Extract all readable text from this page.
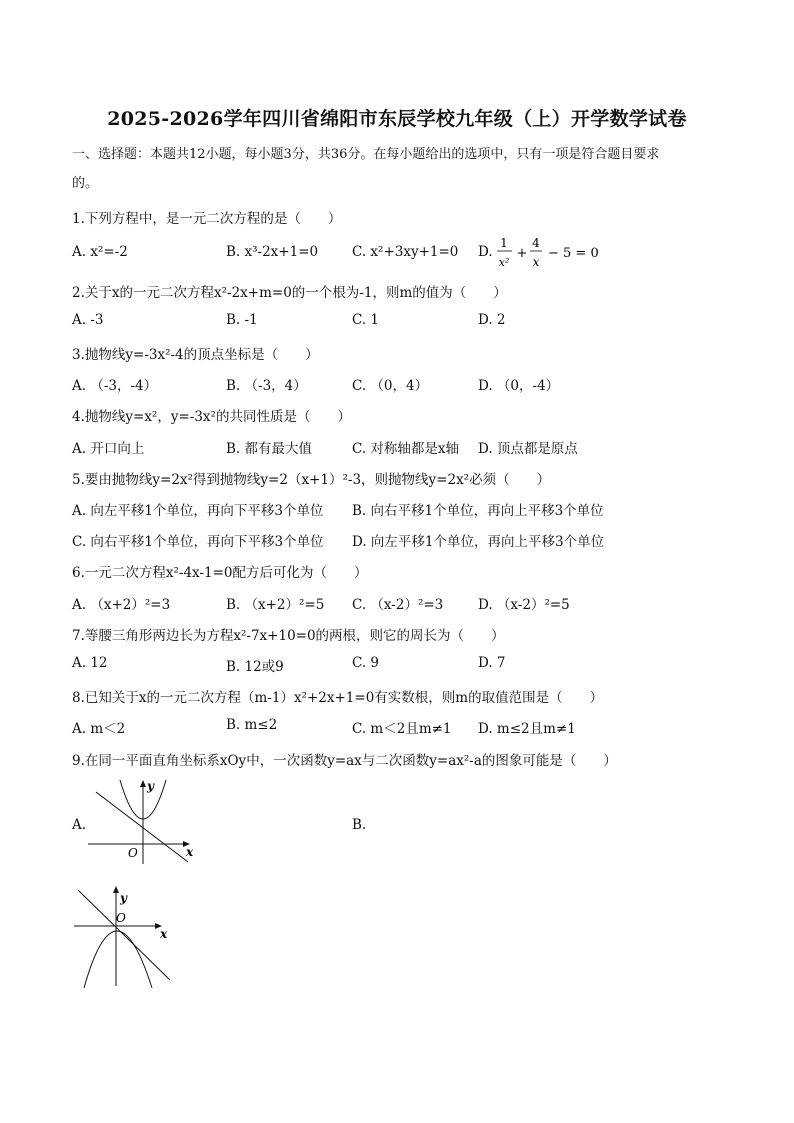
2025-2026学年四川省绵阳市东辰学校九年级（上）开学数学试卷
一、选择题：本题共12小题，每小题3分，共36分。在每小题给出的选项中，只有一项是符合题目要求
的。
1.下列方程中，是一元二次方程的是（　　）
A. x²=-2	B. x³-2x+1=0	C. x²+3xy+1=0 D.
1
x²
+
4
x
− 5 = 0
2.关于x的一元二次方程x²-2x+m=0的一个根为-1，则m的值为（　　）
A. -3	B. -1	C. 1	D. 2
3.抛物线y=-3x²-4的顶点坐标是（　　）
A. （-3，-4）	B. （-3，4）	C. （0，4）	D. （0，-4）
4.抛物线y=x²，y=-3x²的共同性质是（　　）
A. 开口向上	B. 都有最大值	C. 对称轴都是x轴 D. 顶点都是原点
5.要由抛物线y=2x²得到抛物线y=2（x+1）²-3，则抛物线y=2x²必须（　　）
A. 向左平移1个单位，再向下平移3个单位 B. 向右平移1个单位，再向上平移3个单位
C. 向右平移1个单位，再向下平移3个单位 D. 向左平移1个单位，再向上平移3个单位
6.一元二次方程x²-4x-1=0配方后可化为（　　）
A. （x+2）²=3	B. （x+2）²=5 C. （x-2）²=3	D. （x-2）²=5
7.等腰三角形两边长为方程x²-7x+10=0的两根，则它的周长为（　　）
A. 12	B. 12或9	C. 9	D. 7
8.已知关于x的一元二次方程（m-1）x²+2x+1=0有实数根，则m的取值范围是（　　）
A. m＜2	B. m≤2	C. m＜2且m≠1 D. m≤2且m≠1
9.在同一平面直角坐标系xOy中，一次函数y=ax与二次函数y=ax²-a的图象可能是（　　）
A.	B.
y
x
O
y
x
O
